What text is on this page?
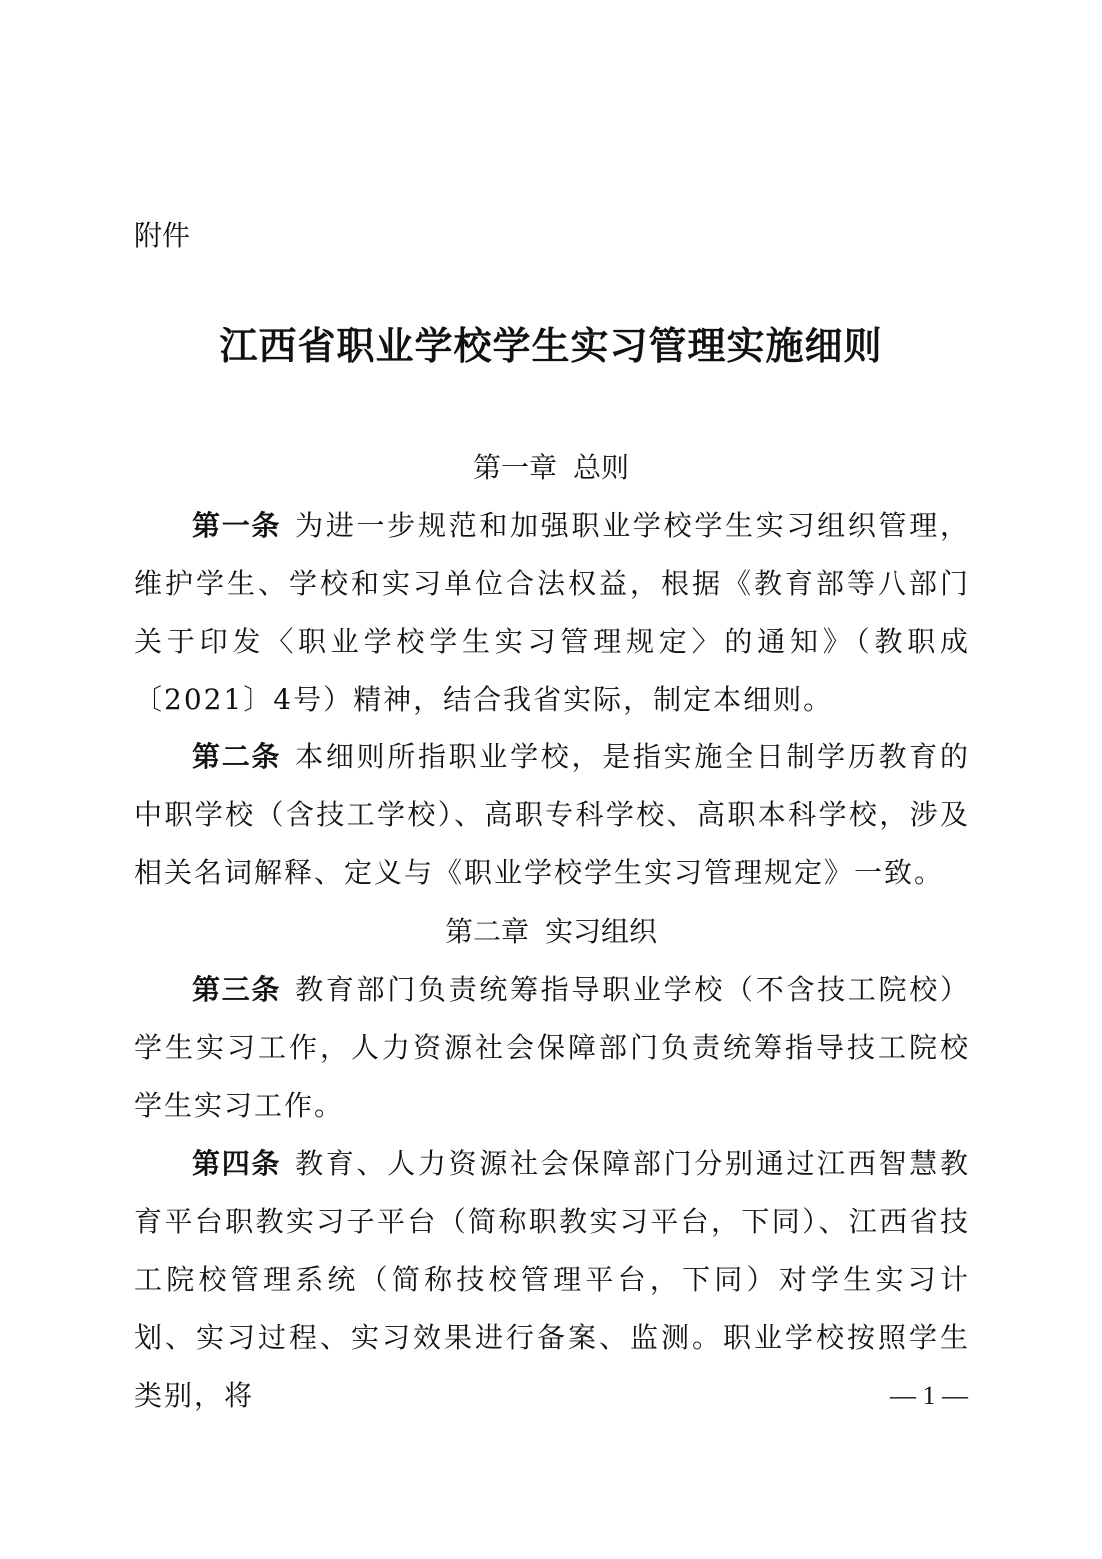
附件
江西省职业学校学生实习管理实施细则
第一章 总则

第一条 为进一步规范和加强职业学校学生实习组织管理，维护学生、学校和实习单位合法权益，根据《教育部等八部门关于印发〈职业学校学生实习管理规定〉的通知》（教职成〔2021〕4号）精神，结合我省实际，制定本细则。

第二条 本细则所指职业学校，是指实施全日制学历教育的中职学校（含技工学校）、高职专科学校、高职本科学校，涉及相关名词解释、定义与《职业学校学生实习管理规定》一致。

第二章 实习组织

第三条 教育部门负责统筹指导职业学校（不含技工院校）学生实习工作，人力资源社会保障部门负责统筹指导技工院校学生实习工作。

第四条 教育、人力资源社会保障部门分别通过江西智慧教育平台职教实习子平台（简称职教实习平台，下同）、江西省技工院校管理系统（简称技校管理平台，下同）对学生实习计划、实习过程、实习效果进行备案、监测。职业学校按照学生类别，将	— 1 —
